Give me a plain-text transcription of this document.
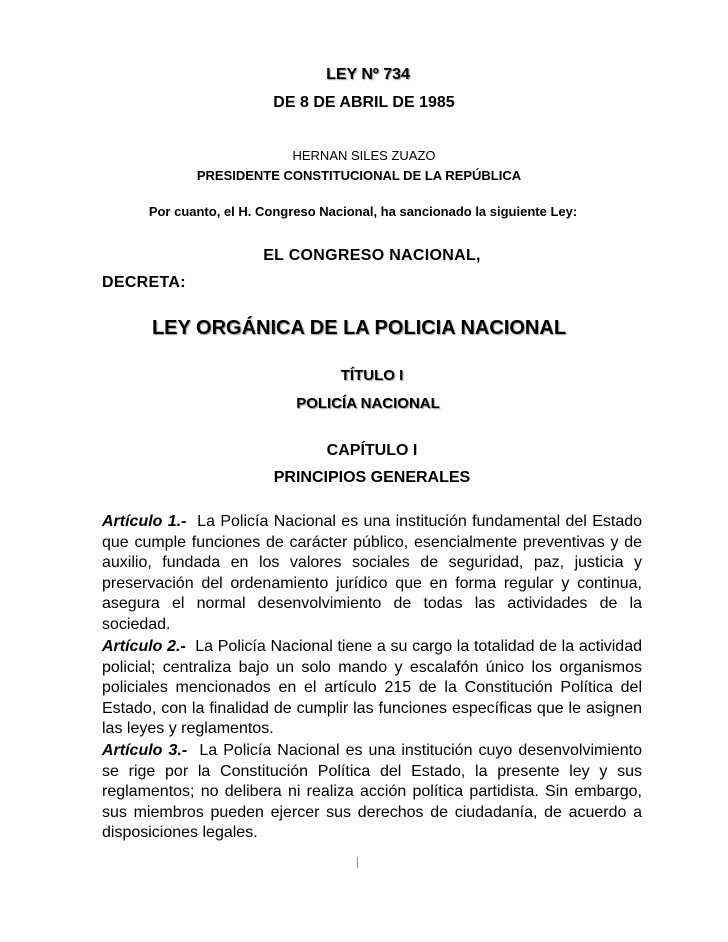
LEY Nº 734
DE 8 DE ABRIL DE 1985
HERNAN SILES ZUAZO
PRESIDENTE CONSTITUCIONAL DE LA REPÚBLICA
Por cuanto, el H. Congreso Nacional, ha sancionado la siguiente Ley:
EL CONGRESO NACIONAL,
DECRETA:
LEY ORGÁNICA DE LA POLICIA NACIONAL
TÍTULO I
POLICÍA NACIONAL
CAPÍTULO I
PRINCIPIOS GENERALES
Artículo 1.- La Policía Nacional es una institución fundamental del Estado que cumple funciones de carácter público, esencialmente preventivas y de auxilio, fundada en los valores sociales de seguridad, paz, justicia y preservación del ordenamiento jurídico que en forma regular y continua, asegura el normal desenvolvimiento de todas las actividades de la sociedad.
Artículo 2.- La Policía Nacional tiene a su cargo la totalidad de la actividad policial; centraliza bajo un solo mando y escalafón único los organismos policiales mencionados en el artículo 215 de la Constitución Política del Estado, con la finalidad de cumplir las funciones específicas que le asignen las leyes y reglamentos.
Artículo 3.- La Policía Nacional es una institución cuyo desenvolvimiento se rige por la Constitución Política del Estado, la presente ley y sus reglamentos; no delibera ni realiza acción política partidista. Sin embargo, sus miembros pueden ejercer sus derechos de ciudadanía, de acuerdo a disposiciones legales.
